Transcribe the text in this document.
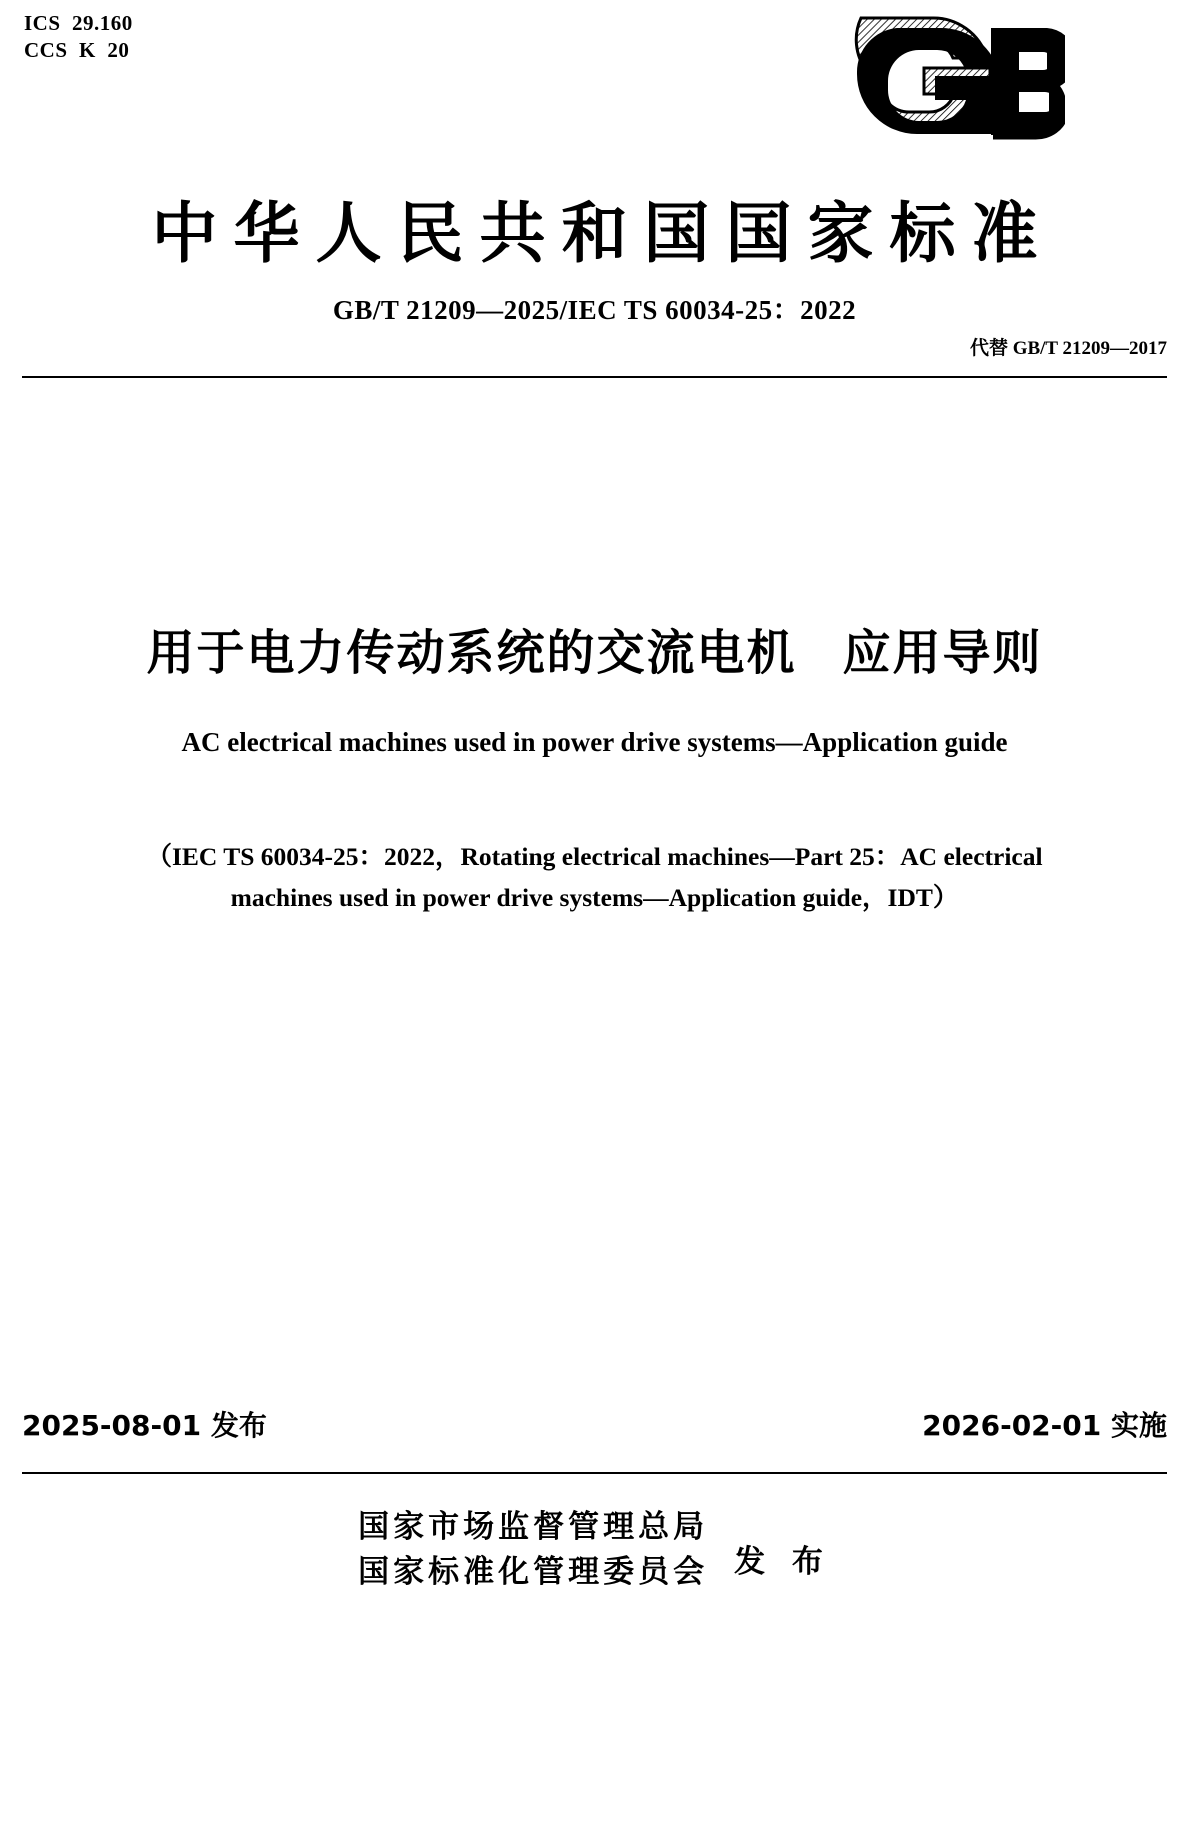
ICS  29.160
CCS  K  20
中华人民共和国国家标准
GB/T 21209—2025/IEC TS 60034-25：2022
代替 GB/T 21209—2017
用于电力传动系统的交流电机 应用导则
AC electrical machines used in power drive systems—Application guide
（IEC TS 60034-25：2022，Rotating electrical machines—Part 25：AC electrical
machines used in power drive systems—Application guide，IDT）
2025-08-01 发布	2026-02-01 实施
国家市场监督管理总局
国家标准化管理委员会 发 布
